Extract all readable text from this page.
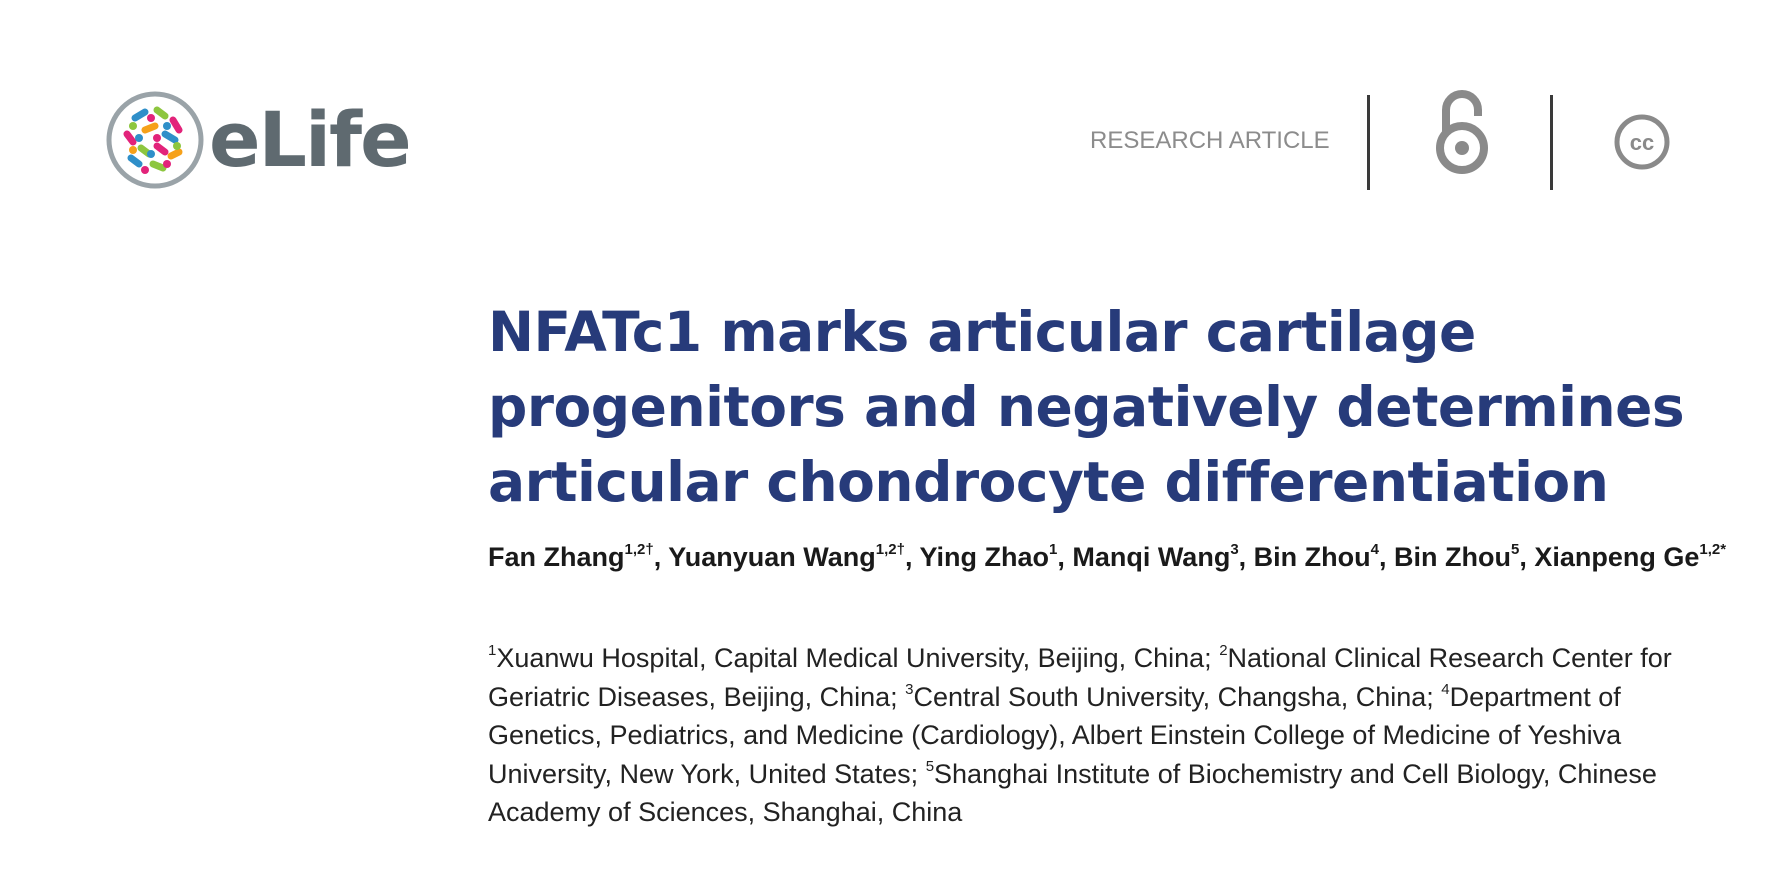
eLife	RESEARCH ARTICLE	cc
NFATc1 marks articular cartilage progenitors and negatively determines articular chondrocyte differentiation
Fan Zhang$^{1,2\dagger}$, Yuanyuan Wang$^{1,2\dagger}$, Ying Zhao$^1$, Manqi Wang$^3$, Bin Zhou$^4$, Bin Zhou$^5$, Xianpeng $Ge^{1,2*}$
$^1$Xuanwu Hospital, Capital Medical University, Beijing, China; $^2$National Clinical Research Center for Geriatric Diseases, Beijing, China; $^3$Central South University, Changsha, China; $^4$Department of Genetics, Pediatrics, and Medicine (Cardiology), Albert Einstein College of Medicine of Yeshiva University, New York, United States; $^5$Shanghai Institute of Biochemistry and Cell Biology, Chinese Academy of Sciences, Shanghai, China
